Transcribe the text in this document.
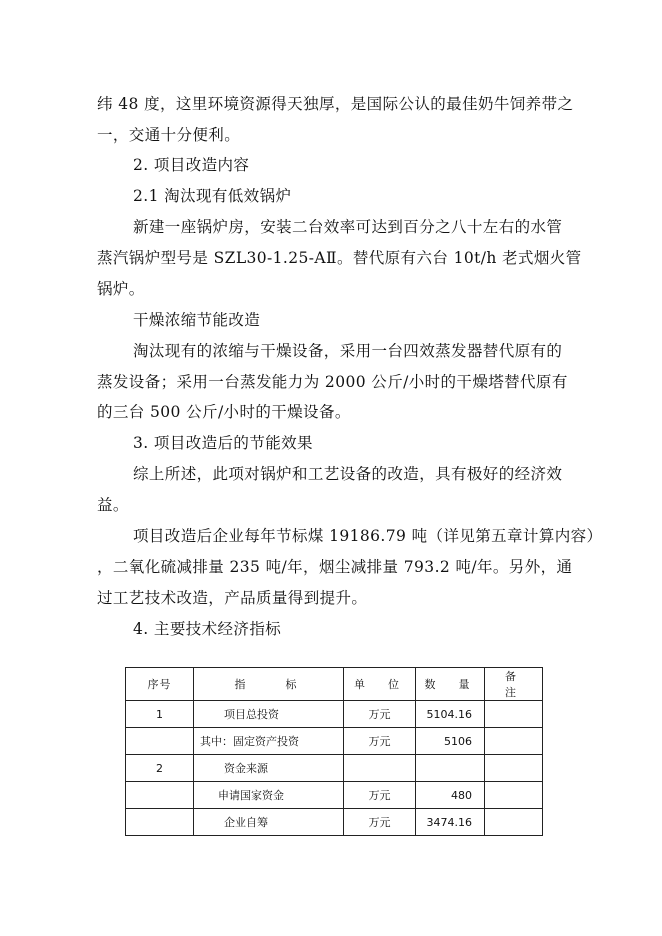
纬 48 度，这里环境资源得天独厚，是国际公认的最佳奶牛饲养带之
一，交通十分便利。
2. 项目改造内容
2.1 淘汰现有低效锅炉
新建一座锅炉房，安装二台效率可达到百分之八十左右的水管
蒸汽锅炉型号是 SZL30-1.25-AⅡ。替代原有六台 10t/h 老式烟火管
锅炉。
干燥浓缩节能改造
淘汰现有的浓缩与干燥设备，采用一台四效蒸发器替代原有的
蒸发设备；采用一台蒸发能力为 2000 公斤/小时的干燥塔替代原有
的三台 500 公斤/小时的干燥设备。
3. 项目改造后的节能效果
综上所述，此项对锅炉和工艺设备的改造，具有极好的经济效
益。
项目改造后企业每年节标煤 19186.79 吨（详见第五章计算内容）
，二氧化硫减排量 235 吨/年，烟尘减排量 793.2 吨/年。另外，通
过工艺技术改造，产品质量得到提升。
4. 主要技术经济指标
序号	指　　标	单　位	数　量	备　注
1	项目总投资	万元	5104.16	
	其中：固定资产投资	万元	5106	
2	资金来源			
	申请国家资金	万元	480	
	企业自筹	万元	3474.16	
